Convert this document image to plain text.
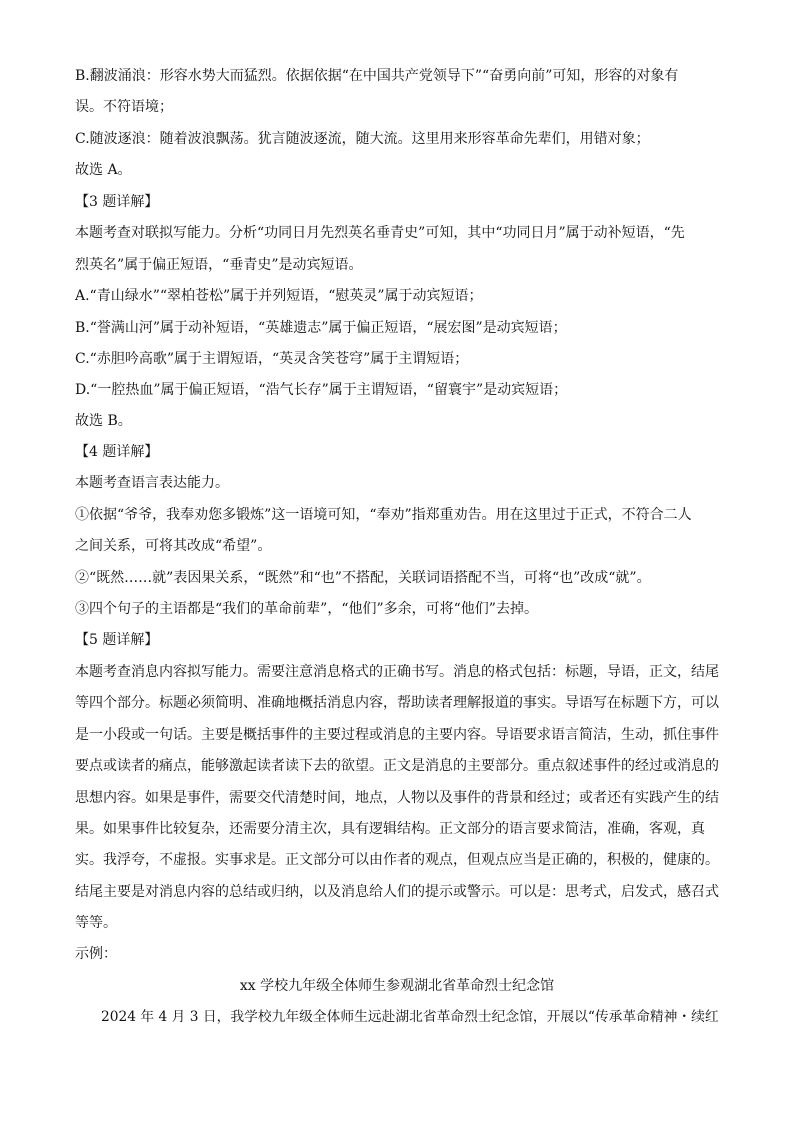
B.翻波涌浪：形容水势大而猛烈。依据依据“在中国共产党领导下”“奋勇向前”可知，形容的对象有
误。不符语境；
C.随波逐浪：随着波浪飘荡。犹言随波逐流，随大流。这里用来形容革命先辈们，用错对象；
故选 A。
【3 题详解】
本题考查对联拟写能力。分析“功同日月先烈英名垂青史”可知，其中“功同日月”属于动补短语，“先
烈英名”属于偏正短语，“垂青史”是动宾短语。
A.“青山绿水”“翠柏苍松”属于并列短语，“慰英灵”属于动宾短语；
B.“誉满山河”属于动补短语，“英雄遗志”属于偏正短语，“展宏图”是动宾短语；
C.“赤胆吟高歌”属于主谓短语，“英灵含笑苍穹”属于主谓短语；
D.“一腔热血”属于偏正短语，“浩气长存”属于主谓短语，“留寰宇”是动宾短语；
故选 B。
【4 题详解】
本题考查语言表达能力。
①依据“爷爷，我奉劝您多锻炼”这一语境可知，“奉劝”指郑重劝告。用在这里过于正式，不符合二人
之间关系，可将其改成“希望”。
②“既然……就”表因果关系，“既然”和“也”不搭配，关联词语搭配不当，可将“也”改成“就”。
③四个句子的主语都是“我们的革命前辈”，“他们”多余，可将“他们”去掉。
【5 题详解】
本题考查消息内容拟写能力。需要注意消息格式的正确书写。消息的格式包括：标题，导语，正文，结尾
等四个部分。标题必须简明、准确地概括消息内容，帮助读者理解报道的事实。导语写在标题下方，可以
是一小段或一句话。主要是概括事件的主要过程或消息的主要内容。导语要求语言简洁，生动，抓住事件
要点或读者的痛点，能够激起读者读下去的欲望。正文是消息的主要部分。重点叙述事件的经过或消息的
思想内容。如果是事件，需要交代清楚时间，地点，人物以及事件的背景和经过；或者还有实践产生的结
果。如果事件比较复杂，还需要分清主次，具有逻辑结构。正文部分的语言要求简洁，准确，客观，真
实。我浮夸，不虚报。实事求是。正文部分可以由作者的观点，但观点应当是正确的，积极的，健康的。
结尾主要是对消息内容的总结或归纳，以及消息给人们的提示或警示。可以是：思考式，启发式，感召式
等等。
示例：
xx 学校九年级全体师生参观湖北省革命烈士纪念馆
2024 年 4 月 3 日，我学校九年级全体师生远赴湖北省革命烈士纪念馆，开展以“传承革命精神・续红
